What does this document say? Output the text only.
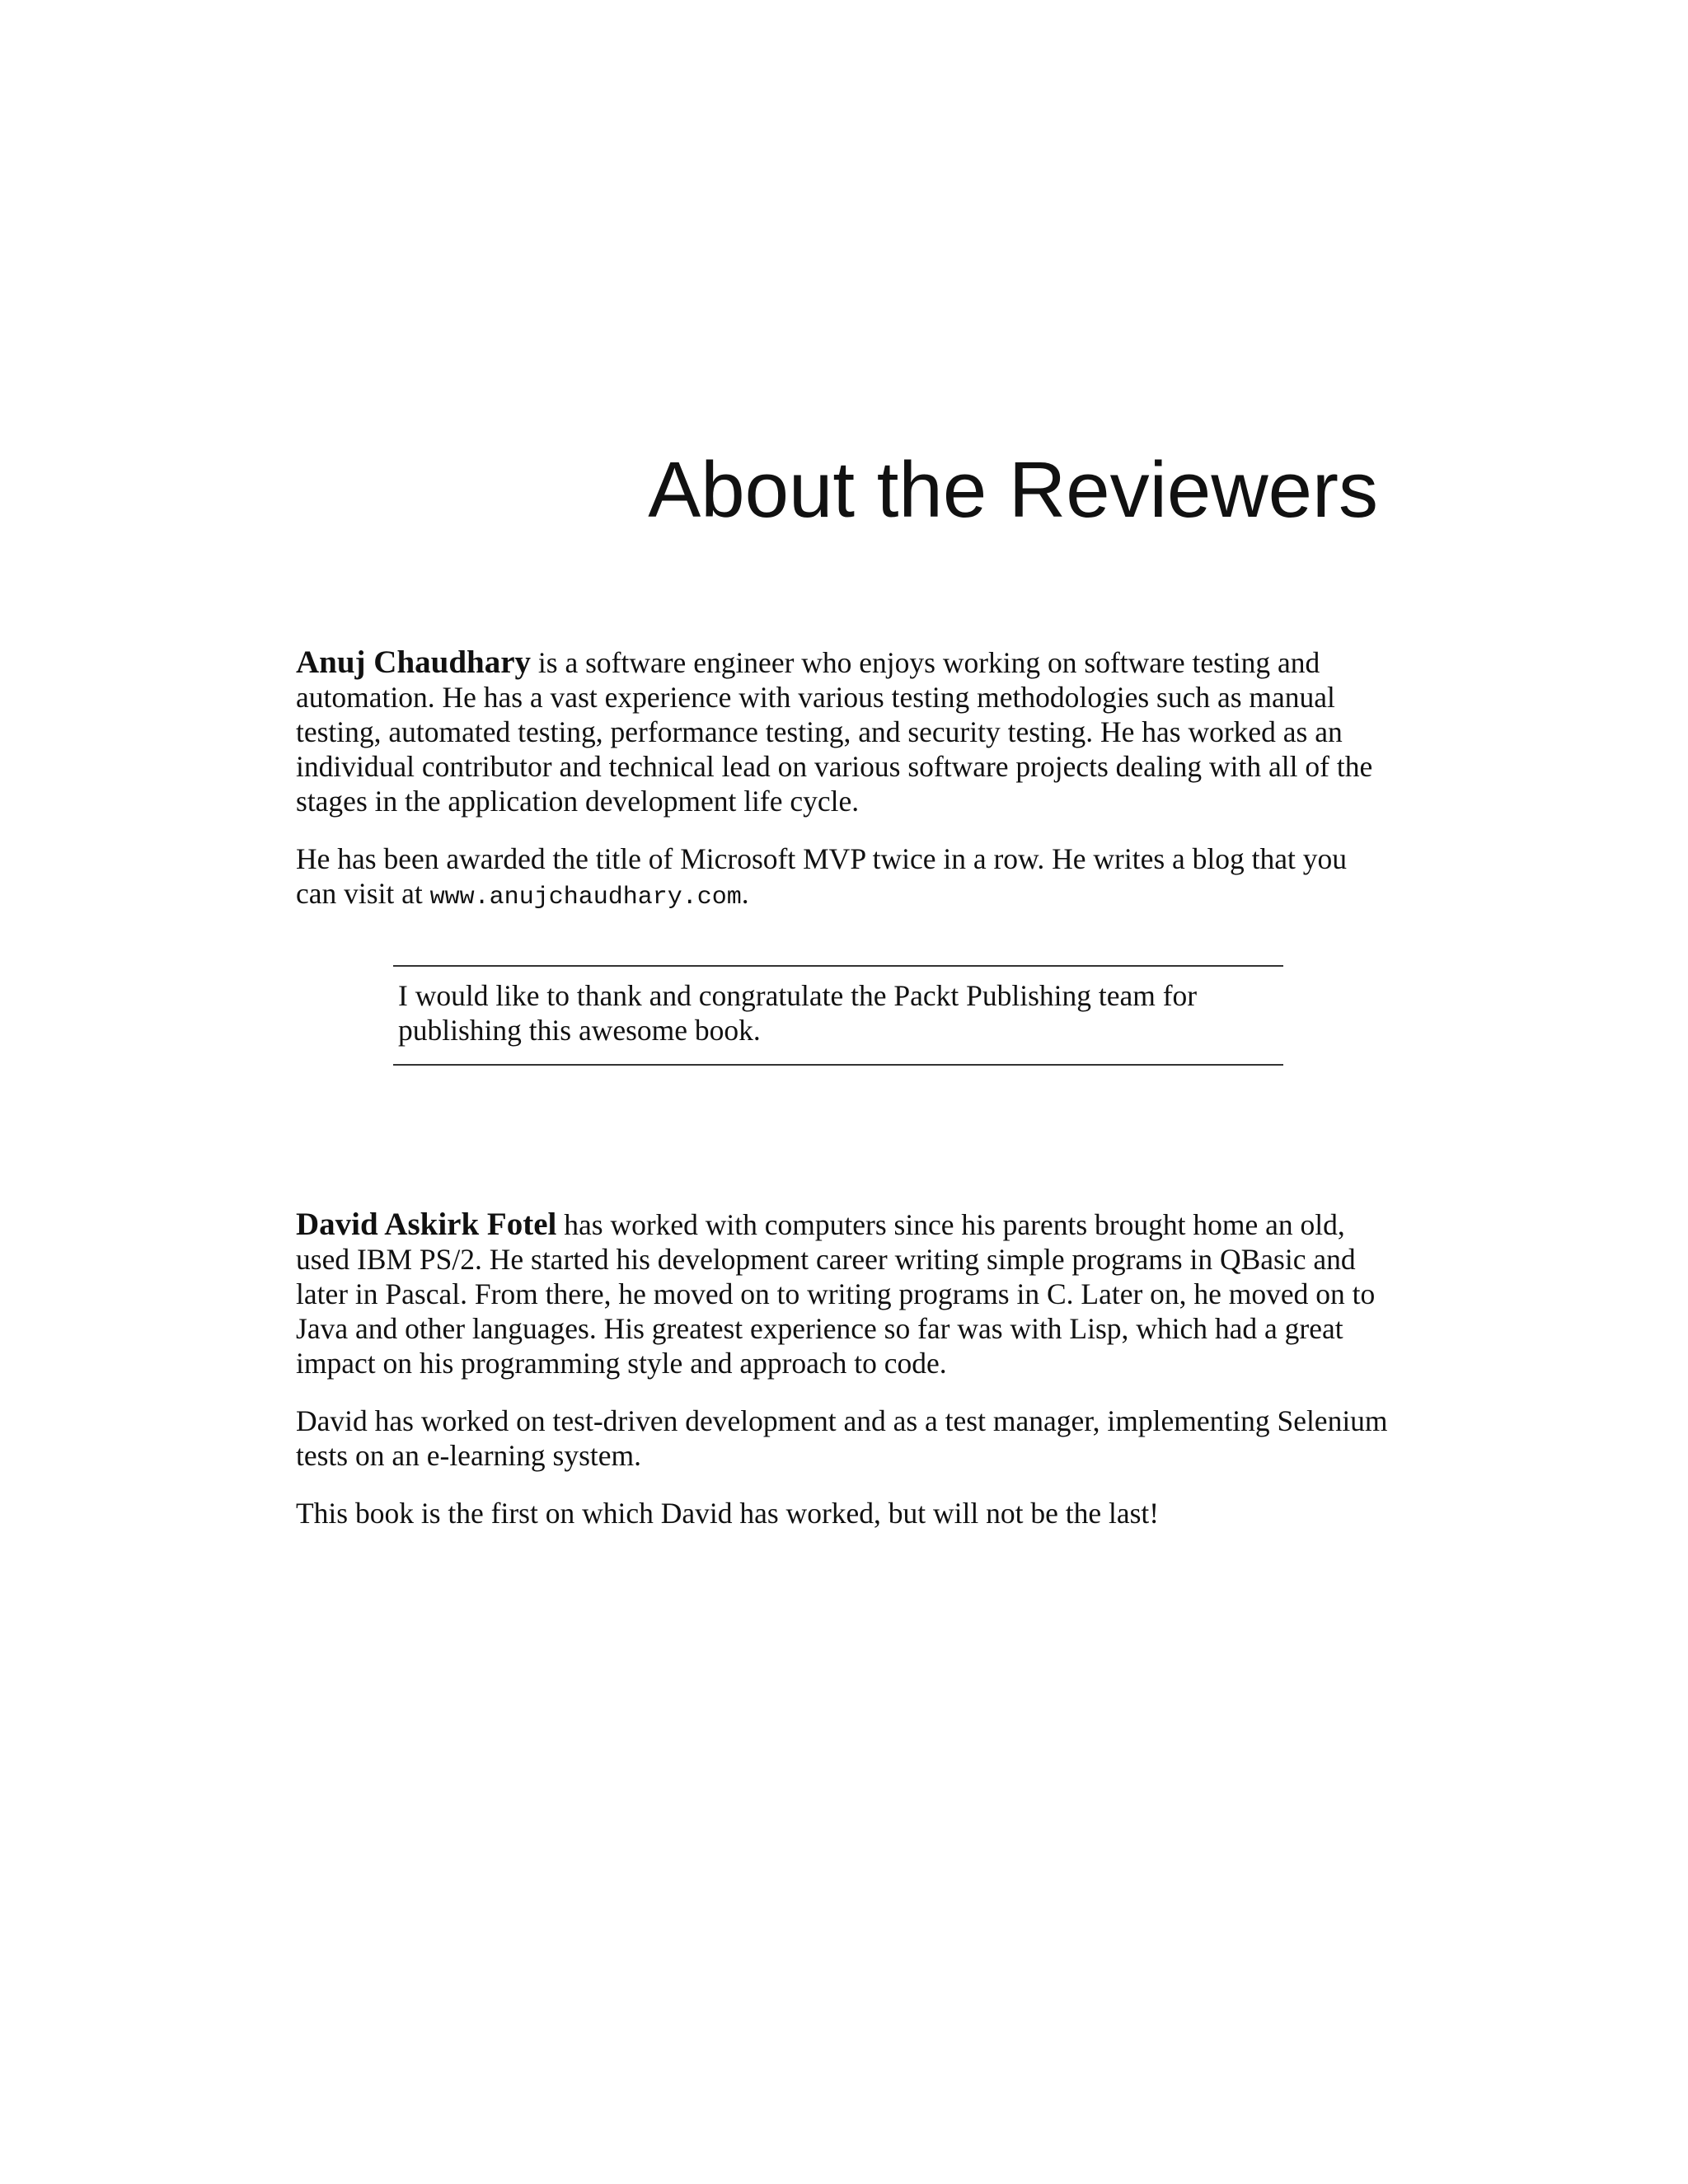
About the Reviewers

Anuj Chaudhary is a software engineer who enjoys working on software testing and automation. He has a vast experience with various testing methodologies such as manual testing, automated testing, performance testing, and security testing. He has worked as an individual contributor and technical lead on various software projects dealing with all of the stages in the application development life cycle.

He has been awarded the title of Microsoft MVP twice in a row. He writes a blog that you can visit at www.anujchaudhary.com.

I would like to thank and congratulate the Packt Publishing team for publishing this awesome book.

David Askirk Fotel has worked with computers since his parents brought home an old, used IBM PS/2. He started his development career writing simple programs in QBasic and later in Pascal. From there, he moved on to writing programs in C. Later on, he moved on to Java and other languages. His greatest experience so far was with Lisp, which had a great impact on his programming style and approach to code.

David has worked on test-driven development and as a test manager, implementing Selenium tests on an e-learning system.

This book is the first on which David has worked, but will not be the last!
